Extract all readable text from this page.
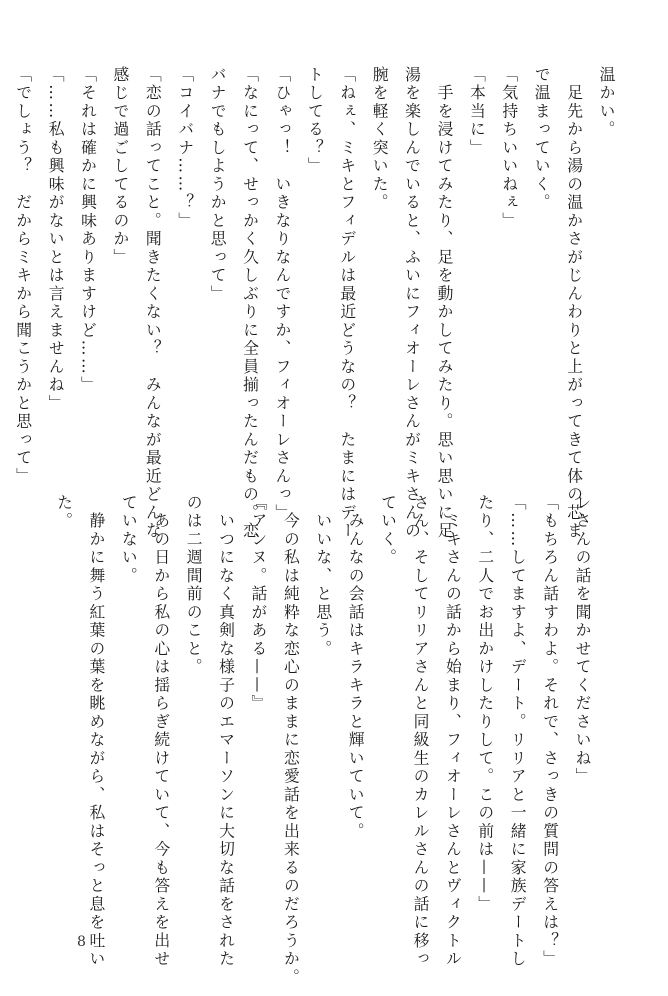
温かい。
　足先から湯の温かさがじんわりと上がってきて体の芯ま
で温まっていく。
「気持ちいいねぇ」
「本当に」
　手を浸けてみたり、足を動かしてみたり。思い思いに足
湯を楽しんでいると、ふいにフィオーレさんがミキさんの
腕を軽く突いた。
「ねぇ、ミキとフィデルは最近どうなの？　たまにはデー
トしてる？」
「ひゃっ！　いきなりなんですか、フィオーレさんっ」
「なにって、せっかく久しぶりに全員揃ったんだもの。恋
バナでもしようかと思って」
「コイバナ……？」
「恋の話ってこと。聞きたくない？　みんなが最近どんな
感じで過ごしてるのか」
「それは確かに興味ありますけど……」
「……私も興味がないとは言えませんね」
「でしょう？　だからミキから聞こうかと思って」
レさんの話を聞かせてくださいね」
「もちろん話すわよ。それで、さっきの質問の答えは？」
「……してますよ、デート。リリアと一緒に家族デートし
たり、二人でお出かけしたりして。この前は——」
　ミキさんの話から始まり、フィオーレさんとヴィクトル
さん、そしてリリアさんと同級生のカレルさんの話に移っ
ていく。
　みんなの会話はキラキラと輝いていて。
　いいな、と思う。
　今の私は純粋な恋心のままに恋愛話を出来るのだろうか。
『アンヌ。話がある——』
　いつになく真剣な様子のエマーソンに大切な話をされた
のは二週間前のこと。
　あの日から私の心は揺らぎ続けていて、今も答えを出せ
ていない。
　静かに舞う紅葉の葉を眺めながら、私はそっと息を吐い
た。
8
